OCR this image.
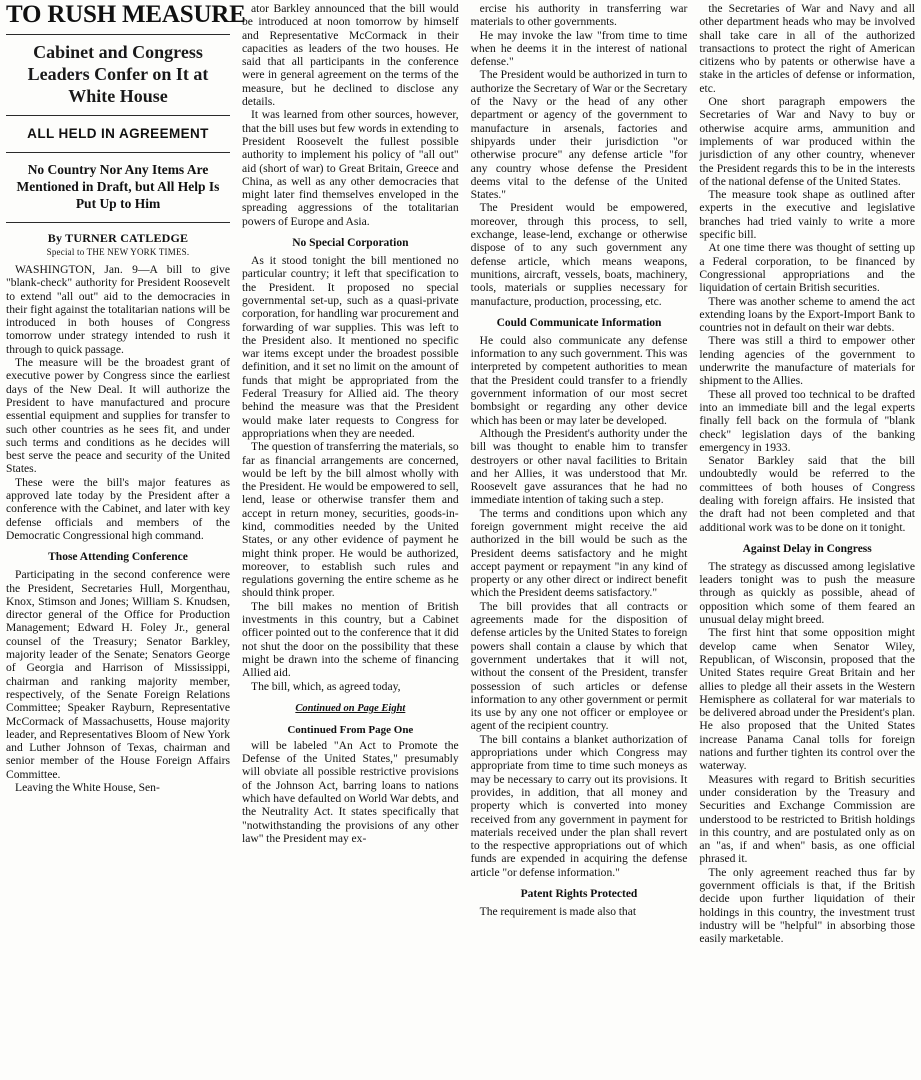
TO RUSH MEASURE
Cabinet and Congress Leaders Confer on It at White House
ALL HELD IN AGREEMENT
No Country Nor Any Items Are Mentioned in Draft, but All Help Is Put Up to Him
By TURNER CATLEDGE
Special to THE NEW YORK TIMES.

WASHINGTON, Jan. 9—A bill to give "blank-check" authority for President Roosevelt to extend "all out" aid to the democracies in their fight against the totalitarian nations will be introduced in both houses of Congress tomorrow under strategy intended to rush it through to quick passage.

The measure will be the broadest grant of executive power by Congress since the earliest days of the New Deal. It will authorize the President to have manufactured and procure essential equipment and supplies for transfer to such other countries as he sees fit, and under such terms and conditions as he decides will best serve the peace and security of the United States.

These were the bill's major features as approved late today by the President after a conference with the Cabinet, and later with key defense officials and members of the Democratic Congressional high command.

Those Attending Conference

Participating in the second conference were the President, Secretaries Hull, Morgenthau, Knox, Stimson and Jones; William S. Knudsen, director general of the Office for Production Management; Edward H. Foley Jr., general counsel of the Treasury; Senator Barkley, majority leader of the Senate; Senators George of Georgia and Harrison of Mississippi, chairman and ranking majority member, respectively, of the Senate Foreign Relations Committee; Speaker Rayburn, Representative McCormack of Massachusetts, House majority leader, and Representatives Bloom of New York and Luther Johnson of Texas, chairman and senior member of the House Foreign Affairs Committee.

Leaving the White House, Sen-

ator Barkley announced that the bill would be introduced at noon tomorrow by himself and Representative McCormack in their capacities as leaders of the two houses. He said that all participants in the conference were in general agreement on the terms of the measure, but he declined to disclose any details.

It was learned from other sources, however, that the bill uses but few words in extending to President Roosevelt the fullest possible authority to implement his policy of "all out" aid (short of war) to Great Britain, Greece and China, as well as any other democracies that might later find themselves enveloped in the spreading aggressions of the totalitarian powers of Europe and Asia.

No Special Corporation

As it stood tonight the bill mentioned no particular country; it left that specification to the President. It proposed no special governmental set-up, such as a quasi-private corporation, for handling war procurement and forwarding of war supplies. This was left to the President also. It mentioned no specific war items except under the broadest possible definition, and it set no limit on the amount of funds that might be appropriated from the Federal Treasury for Allied aid. The theory behind the measure was that the President would make later requests to Congress for appropriations when they are needed.

The question of transferring the materials, so far as financial arrangements are concerned, would be left by the bill almost wholly with the President. He would be empowered to sell, lend, lease or otherwise transfer them and accept in return money, securities, goods-in-kind, commodities needed by the United States, or any other evidence of payment he might think proper. He would be authorized, moreover, to establish such rules and regulations governing the entire scheme as he should think proper.

The bill makes no mention of British investments in this country, but a Cabinet officer pointed out to the conference that it did not shut the door on the possibility that these might be drawn into the scheme of financing Allied aid.

The bill, which, as agreed today,

Continued on Page Eight
Continued From Page One

will be labeled "An Act to Promote the Defense of the United States," presumably will obviate all possible restrictive provisions of the Johnson Act, barring loans to nations which have defaulted on World War debts, and the Neutrality Act. It states specifically that "notwithstanding the provisions of any other law" the President may ex-

ercise his authority in transferring war materials to other governments.

He may invoke the law "from time to time when he deems it in the interest of national defense."

The President would be authorized in turn to authorize the Secretary of War or the Secretary of the Navy or the head of any other department or agency of the government to manufacture in arsenals, factories and shipyards under their jurisdiction "or otherwise procure" any defense article "for any country whose defense the President deems vital to the defense of the United States."

The President would be empowered, moreover, through this process, to sell, exchange, lease-lend, exchange or otherwise dispose of to any such government any defense article, which means weapons, munitions, aircraft, vessels, boats, machinery, tools, materials or supplies necessary for manufacture, production, processing, etc.

Could Communicate Information

He could also communicate any defense information to any such government. This was interpreted by competent authorities to mean that the President could transfer to a friendly government information of our most secret bombsight or regarding any other device which has been or may later be developed.

Although the President's authority under the bill was thought to enable him to transfer destroyers or other naval facilities to Britain and her Allies, it was understood that Mr. Roosevelt gave assurances that he had no immediate intention of taking such a step.

The terms and conditions upon which any foreign government might receive the aid authorized in the bill would be such as the President deems satisfactory and he might accept payment or repayment "in any kind of property or any other direct or indirect benefit which the President deems satisfactory."

The bill provides that all contracts or agreements made for the disposition of defense articles by the United States to foreign powers shall contain a clause by which that government undertakes that it will not, without the consent of the President, transfer possession of such articles or defense information to any other government or permit its use by any one not officer or employee or agent of the recipient country.

The bill contains a blanket authorization of appropriations under which Congress may appropriate from time to time such moneys as may be necessary to carry out its provisions. It provides, in addition, that all money and property which is converted into money received from any government in payment for materials received under the plan shall revert to the respective appropriations out of which funds are expended in acquiring the defense article "or defense information."

Patent Rights Protected

The requirement is made also that

the Secretaries of War and Navy and all other department heads who may be involved shall take care in all of the authorized transactions to protect the right of American citizens who by patents or otherwise have a stake in the articles of defense or information, etc.

One short paragraph empowers the Secretaries of War and Navy to buy or otherwise acquire arms, ammunition and implements of war produced within the jurisdiction of any other country, whenever the President regards this to be in the interests of the national defense of the United States.

The measure took shape as outlined after experts in the executive and legislative branches had tried vainly to write a more specific bill.

At one time there was thought of setting up a Federal corporation, to be financed by Congressional appropriations and the liquidation of certain British securities.

There was another scheme to amend the act extending loans by the Export-Import Bank to countries not in default on their war debts.

There was still a third to empower other lending agencies of the government to underwrite the manufacture of materials for shipment to the Allies.

These all proved too technical to be drafted into an immediate bill and the legal experts finally fell back on the formula of "blank check" legislation days of the banking emergency in 1933.

Senator Barkley said that the bill undoubtedly would be referred to the committees of both houses of Congress dealing with foreign affairs. He insisted that the draft had not been completed and that additional work was to be done on it tonight.

Against Delay in Congress

The strategy as discussed among legislative leaders tonight was to push the measure through as quickly as possible, ahead of opposition which some of them feared an unusual delay might breed.

The first hint that some opposition might develop came when Senator Wiley, Republican, of Wisconsin, proposed that the United States require Great Britain and her allies to pledge all their assets in the Western Hemisphere as collateral for war materials to be delivered abroad under the President's plan. He also proposed that the United States increase Panama Canal tolls for foreign nations and further tighten its control over the waterway.

Measures with regard to British securities under consideration by the Treasury and Securities and Exchange Commission are understood to be restricted to British holdings in this country, and are postulated only as on an "as, if and when" basis, as one official phrased it.

The only agreement reached thus far by government officials is that, if the British decide upon further liquidation of their holdings in this country, the investment trust industry will be "helpful" in absorbing those easily marketable.
